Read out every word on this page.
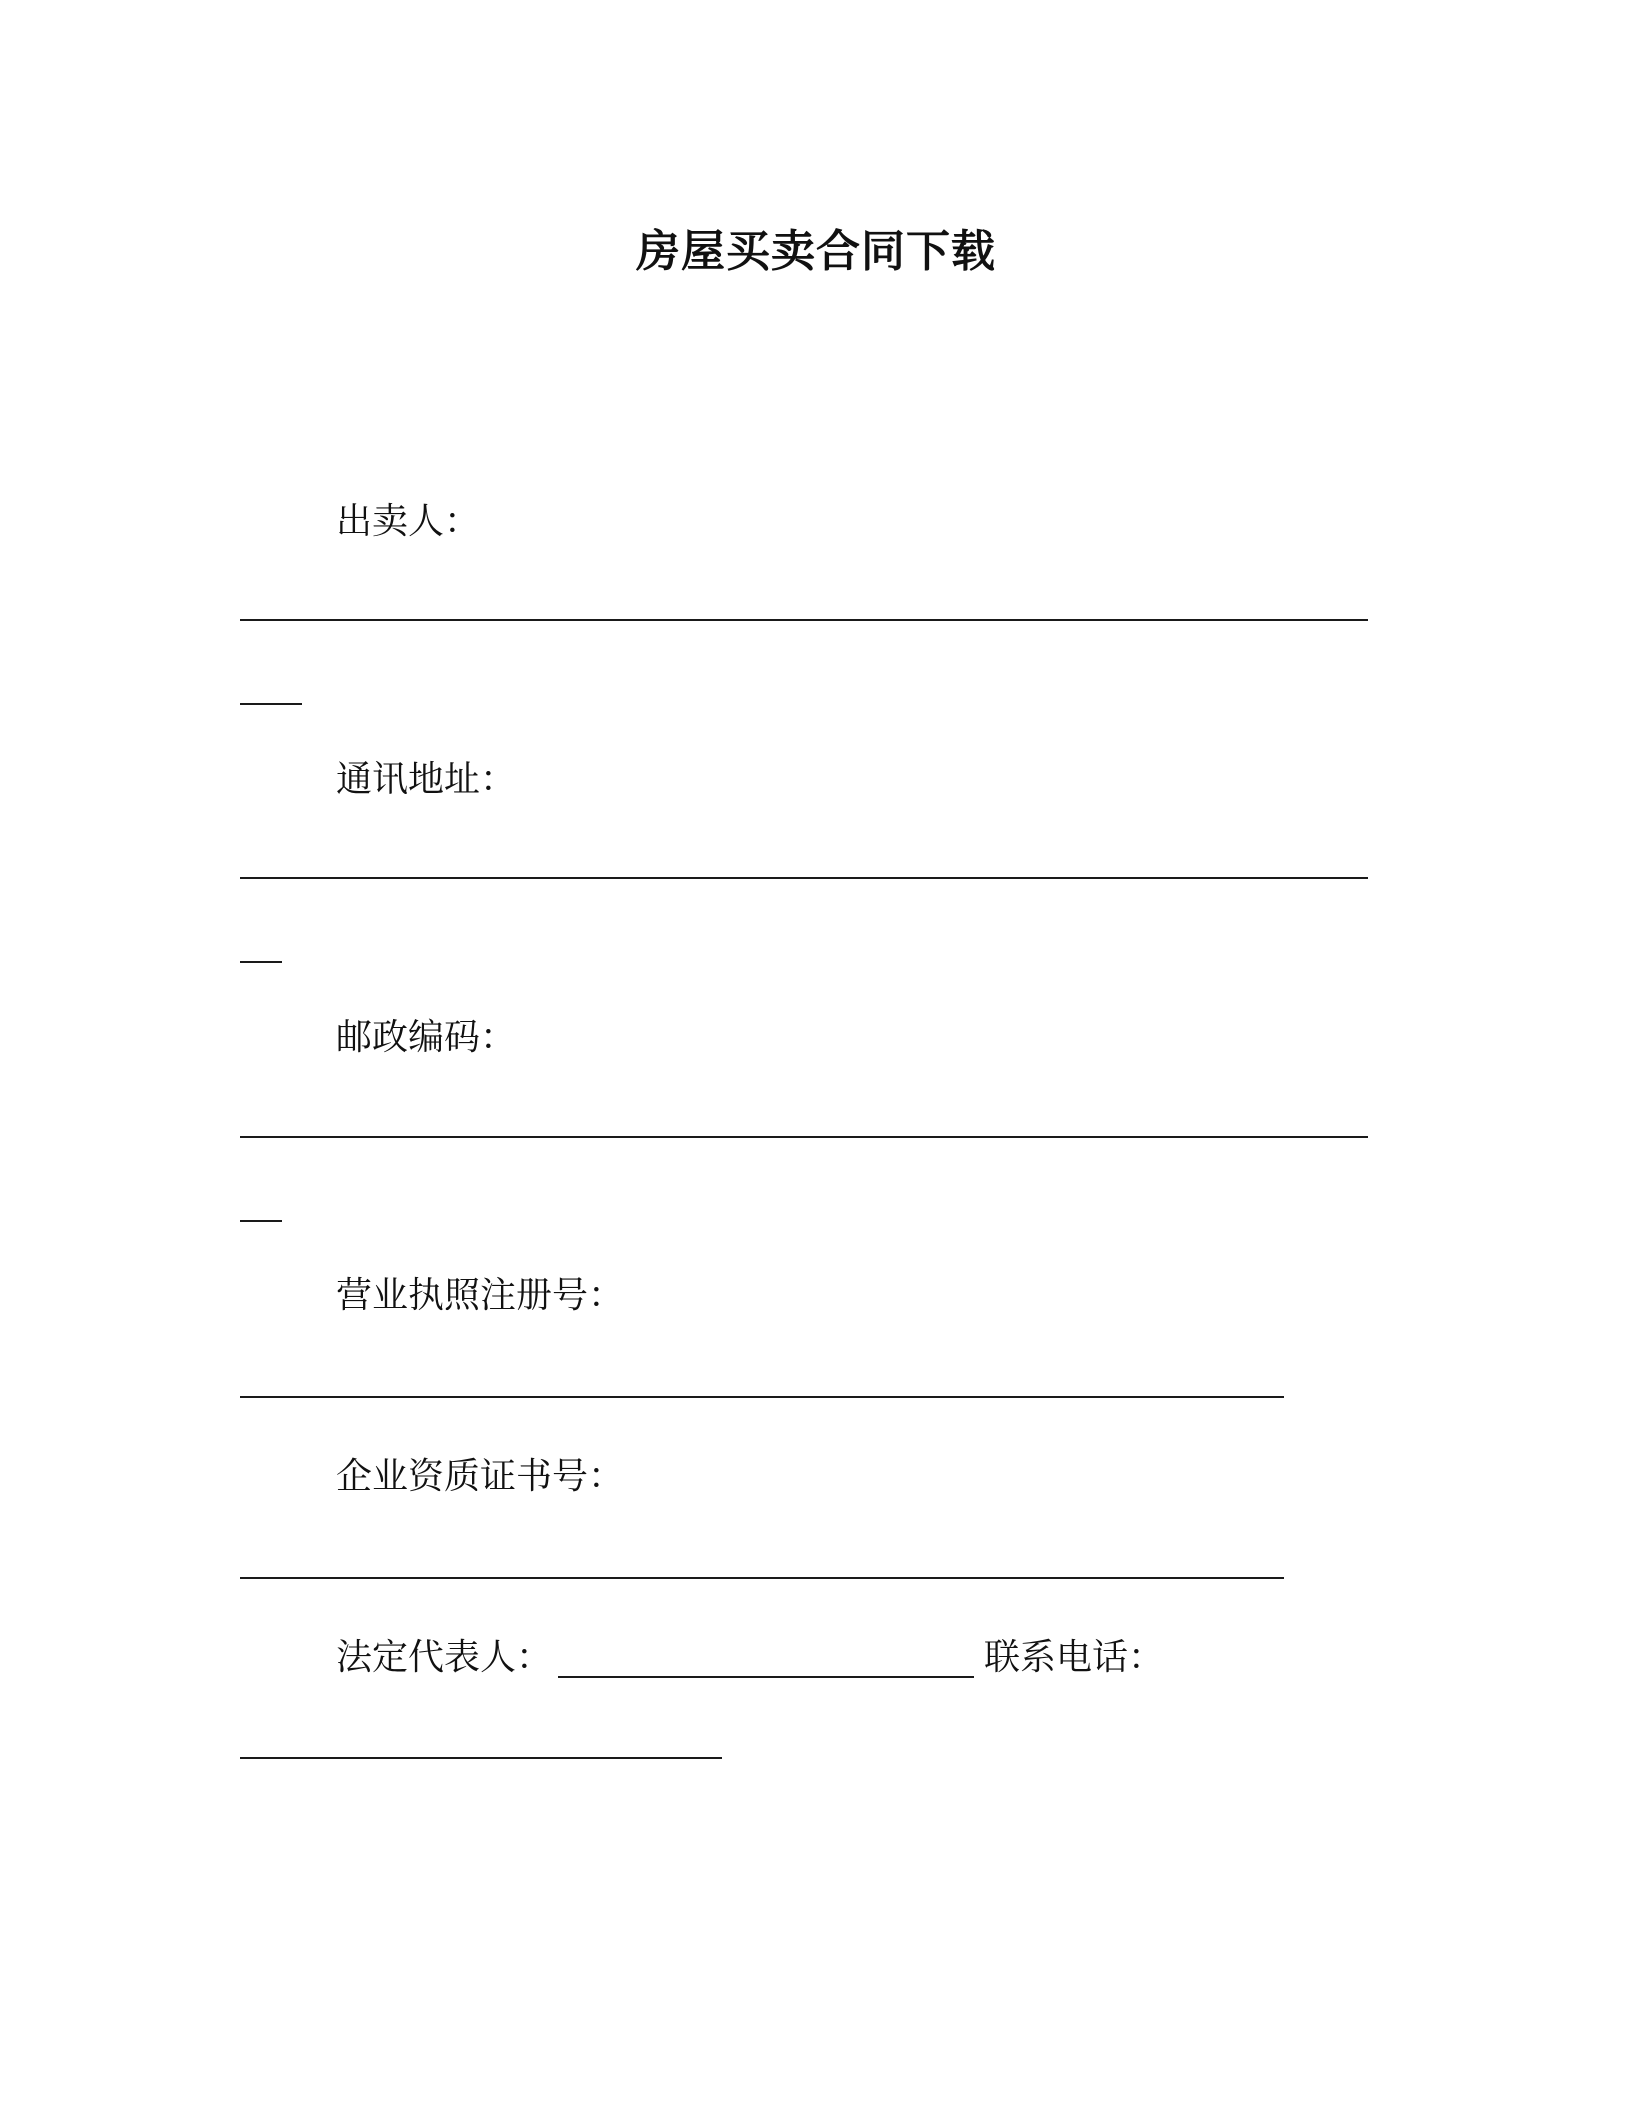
房屋买卖合同下载
出卖人：
通讯地址：
邮政编码：
营业执照注册号：
企业资质证书号：
法定代表人：	联系电话：
